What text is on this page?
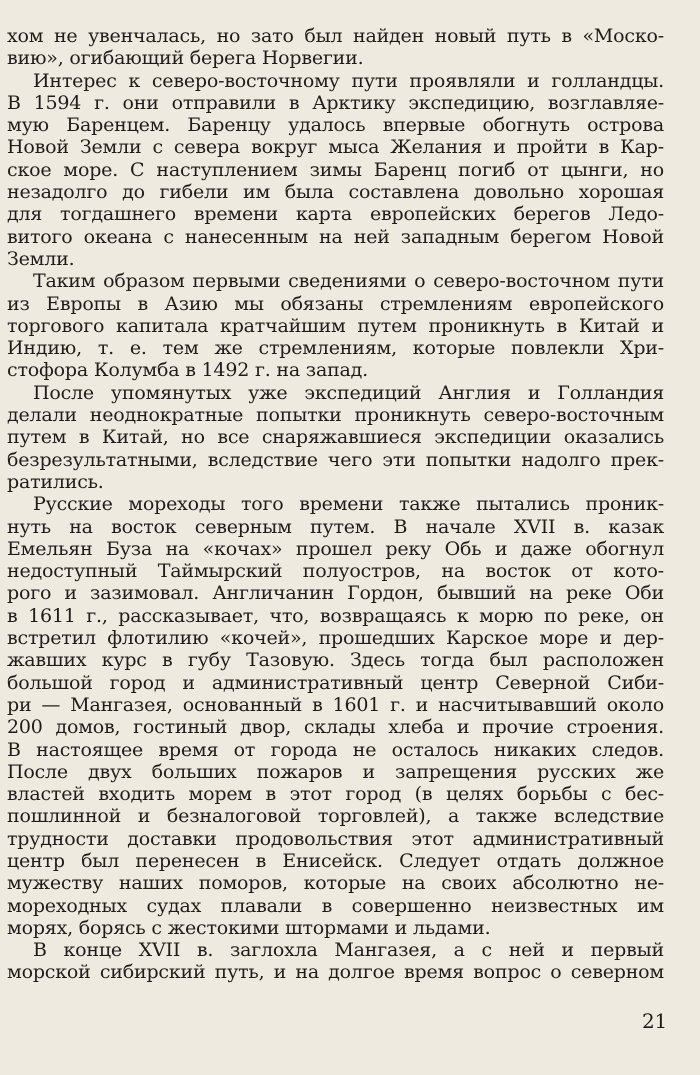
хом не увенчалась, но зато был найден новый путь в «Моско-
вию», огибающий берега Норвегии.
Интерес к северо-восточному пути проявляли и голландцы.
В 1594 г. они отправили в Арктику экспедицию, возглавляе-
мую Баренцем. Баренцу удалось впервые обогнуть острова
Новой Земли с севера вокруг мыса Желания и пройти в Кар-
ское море. С наступлением зимы Баренц погиб от цынги, но
незадолго до гибели им была составлена довольно хорошая
для тогдашнего времени карта европейских берегов Ледо-
витого океана с нанесенным на ней западным берегом Новой
Земли.
Таким образом первыми сведениями о северо-восточном пути
из Европы в Азию мы обязаны стремлениям европейского
торгового капитала кратчайшим путем проникнуть в Китай и
Индию, т. е. тем же стремлениям, которые повлекли Хри-
стофора Колумба в 1492 г. на запад.
После упомянутых уже экспедиций Англия и Голландия
делали неоднократные попытки проникнуть северо-восточным
путем в Китай, но все снаряжавшиеся экспедиции оказались
безрезультатными, вследствие чего эти попытки надолго прек-
ратились.
Русские мореходы того времени также пытались проник-
нуть на восток северным путем. В начале XVII в. казак
Емельян Буза на «кочах» прошел реку Обь и даже обогнул
недоступный Таймырский полуостров, на восток от кото-
рого и зазимовал. Англичанин Гордон, бывший на реке Оби
в 1611 г., рассказывает, что, возвращаясь к морю по реке, он
встретил флотилию «кочей», прошедших Карское море и дер-
жавших курс в губу Тазовую. Здесь тогда был расположен
большой город и административный центр Северной Сиби-
ри — Мангазея, основанный в 1601 г. и насчитывавший около
200 домов, гостиный двор, склады хлеба и прочие строения.
В настоящее время от города не осталось никаких следов.
После двух больших пожаров и запрещения русских же
властей входить морем в этот город (в целях борьбы с бес-
пошлинной и безналоговой торговлей), а также вследствие
трудности доставки продовольствия этот административный
центр был перенесен в Енисейск. Следует отдать должное
мужеству наших поморов, которые на своих абсолютно не-
мореходных судах плавали в совершенно неизвестных им
морях, борясь с жестокими штормами и льдами.
В конце XVII в. заглохла Мангазея, а с ней и первый
морской сибирский путь, и на долгое время вопрос о северном
21
